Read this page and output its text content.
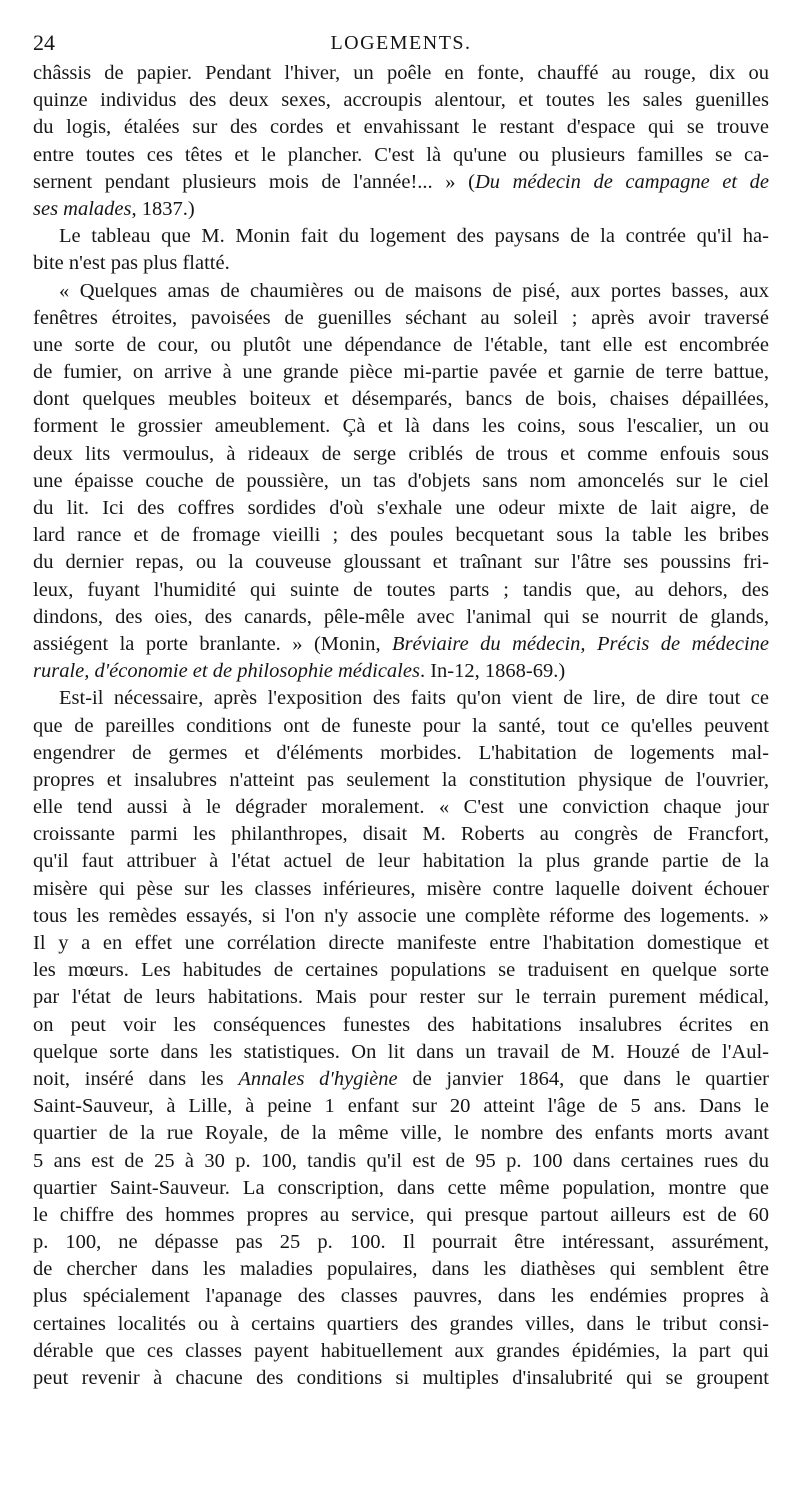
24	LOGEMENTS.
châssis de papier. Pendant l'hiver, un poêle en fonte, chauffé au rouge, dix ou
quinze individus des deux sexes, accroupis alentour, et toutes les sales guenilles
du logis, étalées sur des cordes et envahissant le restant d'espace qui se trouve
entre toutes ces têtes et le plancher. C'est là qu'une ou plusieurs familles se ca-
sernent pendant plusieurs mois de l'année!... » (Du médecin de campagne et de
ses malades, 1837.)
Le tableau que M. Monin fait du logement des paysans de la contrée qu'il ha-
bite n'est pas plus flatté.
« Quelques amas de chaumières ou de maisons de pisé, aux portes basses, aux
fenêtres étroites, pavoisées de guenilles séchant au soleil ; après avoir traversé
une sorte de cour, ou plutôt une dépendance de l'étable, tant elle est encombrée
de fumier, on arrive à une grande pièce mi-partie pavée et garnie de terre battue,
dont quelques meubles boiteux et désemparés, bancs de bois, chaises dépaillées,
forment le grossier ameublement. Çà et là dans les coins, sous l'escalier, un ou
deux lits vermoulus, à rideaux de serge criblés de trous et comme enfouis sous
une épaisse couche de poussière, un tas d'objets sans nom amoncelés sur le ciel
du lit. Ici des coffres sordides d'où s'exhale une odeur mixte de lait aigre, de
lard rance et de fromage vieilli ; des poules becquetant sous la table les bribes
du dernier repas, ou la couveuse gloussant et traînant sur l'âtre ses poussins fri-
leux, fuyant l'humidité qui suinte de toutes parts ; tandis que, au dehors, des
dindons, des oies, des canards, pêle-mêle avec l'animal qui se nourrit de glands,
assiégent la porte branlante. » (Monin, Bréviaire du médecin, Précis de médecine
rurale, d'économie et de philosophie médicales. In-12, 1868-69.)
Est-il nécessaire, après l'exposition des faits qu'on vient de lire, de dire tout ce
que de pareilles conditions ont de funeste pour la santé, tout ce qu'elles peuvent
engendrer de germes et d'éléments morbides. L'habitation de logements mal-
propres et insalubres n'atteint pas seulement la constitution physique de l'ouvrier,
elle tend aussi à le dégrader moralement. « C'est une conviction chaque jour
croissante parmi les philanthropes, disait M. Roberts au congrès de Francfort,
qu'il faut attribuer à l'état actuel de leur habitation la plus grande partie de la
misère qui pèse sur les classes inférieures, misère contre laquelle doivent échouer
tous les remèdes essayés, si l'on n'y associe une complète réforme des logements. »
Il y a en effet une corrélation directe manifeste entre l'habitation domestique et
les mœurs. Les habitudes de certaines populations se traduisent en quelque sorte
par l'état de leurs habitations. Mais pour rester sur le terrain purement médical,
on peut voir les conséquences funestes des habitations insalubres écrites en
quelque sorte dans les statistiques. On lit dans un travail de M. Houzé de l'Aul-
noit, inséré dans les Annales d'hygiène de janvier 1864, que dans le quartier
Saint-Sauveur, à Lille, à peine 1 enfant sur 20 atteint l'âge de 5 ans. Dans le
quartier de la rue Royale, de la même ville, le nombre des enfants morts avant
5 ans est de 25 à 30 p. 100, tandis qu'il est de 95 p. 100 dans certaines rues du
quartier Saint-Sauveur. La conscription, dans cette même population, montre que
le chiffre des hommes propres au service, qui presque partout ailleurs est de 60
p. 100, ne dépasse pas 25 p. 100. Il pourrait être intéressant, assurément,
de chercher dans les maladies populaires, dans les diathèses qui semblent être
plus spécialement l'apanage des classes pauvres, dans les endémies propres à
certaines localités ou à certains quartiers des grandes villes, dans le tribut consi-
dérable que ces classes payent habituellement aux grandes épidémies, la part qui
peut revenir à chacune des conditions si multiples d'insalubrité qui se groupent
